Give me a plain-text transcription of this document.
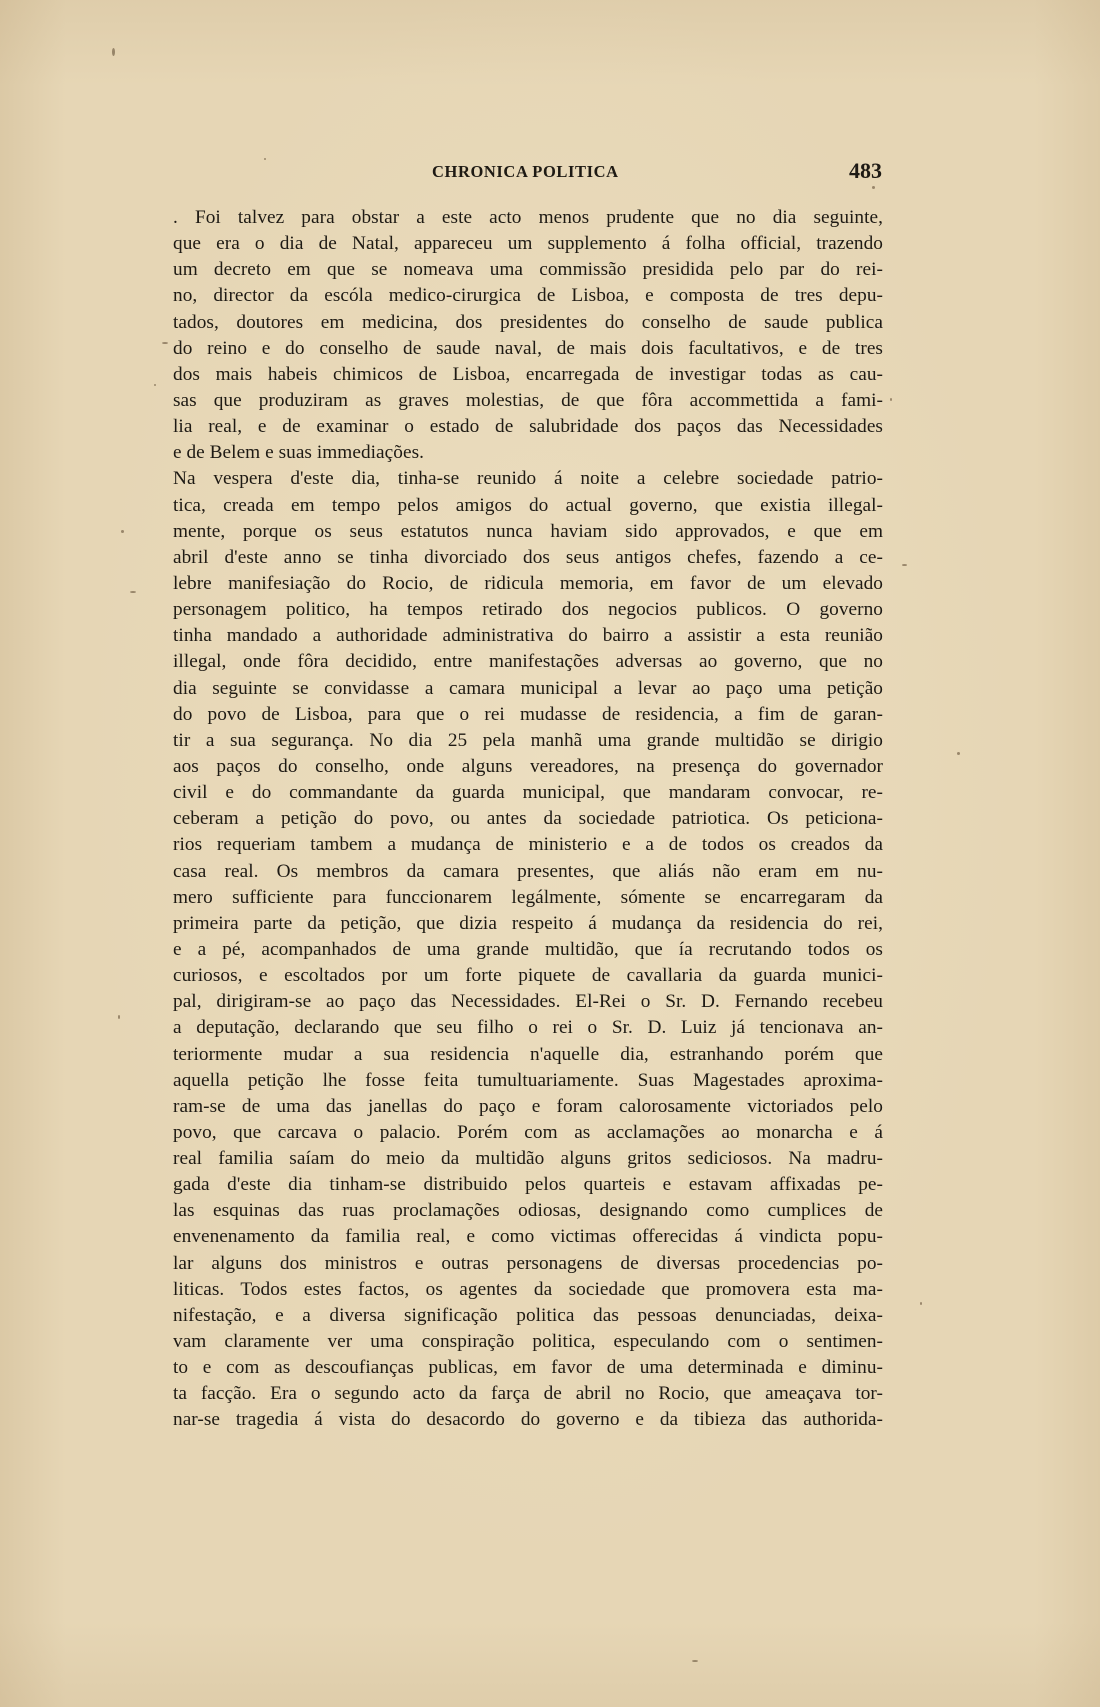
CHRONICA POLITICA	483
. Foi talvez para obstar a este acto menos prudente que no dia seguinte,
que era o dia de Natal, appareceu um supplemento á folha official, trazendo
um decreto em que se nomeava uma commissão presidida pelo par do rei-
no, director da escóla medico-cirurgica de Lisboa, e composta de tres depu-
tados, doutores em medicina, dos presidentes do conselho de saude publica
do reino e do conselho de saude naval, de mais dois facultativos, e de tres
dos mais habeis chimicos de Lisboa, encarregada de investigar todas as cau-
sas que produziram as graves molestias, de que fôra accommettida a fami-
lia real, e de examinar o estado de salubridade dos paços das Necessidades
e de Belem e suas immediações.
Na vespera d'este dia, tinha-se reunido á noite a celebre sociedade patrio-
tica, creada em tempo pelos amigos do actual governo, que existia illegal-
mente, porque os seus estatutos nunca haviam sido approvados, e que em
abril d'este anno se tinha divorciado dos seus antigos chefes, fazendo a ce-
lebre manifesiação do Rocio, de ridicula memoria, em favor de um elevado
personagem politico, ha tempos retirado dos negocios publicos. O governo
tinha mandado a authoridade administrativa do bairro a assistir a esta reunião
illegal, onde fôra decidido, entre manifestações adversas ao governo, que no
dia seguinte se convidasse a camara municipal a levar ao paço uma petição
do povo de Lisboa, para que o rei mudasse de residencia, a fim de garan-
tir a sua segurança. No dia 25 pela manhã uma grande multidão se dirigio
aos paços do conselho, onde alguns vereadores, na presença do governador
civil e do commandante da guarda municipal, que mandaram convocar, re-
ceberam a petição do povo, ou antes da sociedade patriotica. Os peticiona-
rios requeriam tambem a mudança de ministerio e a de todos os creados da
casa real. Os membros da camara presentes, que aliás não eram em nu-
mero sufficiente para funccionarem legálmente, sómente se encarregaram da
primeira parte da petição, que dizia respeito á mudança da residencia do rei,
e a pé, acompanhados de uma grande multidão, que ía recrutando todos os
curiosos, e escoltados por um forte piquete de cavallaria da guarda munici-
pal, dirigiram-se ao paço das Necessidades. El-Rei o Sr. D. Fernando recebeu
a deputação, declarando que seu filho o rei o Sr. D. Luiz já tencionava an-
teriormente mudar a sua residencia n'aquelle dia, estranhando porém que
aquella petição lhe fosse feita tumultuariamente. Suas Magestades aproxima-
ram-se de uma das janellas do paço e foram calorosamente victoriados pelo
povo, que carcava o palacio. Porém com as acclamações ao monarcha e á
real familia saíam do meio da multidão alguns gritos sediciosos. Na madru-
gada d'este dia tinham-se distribuido pelos quarteis e estavam affixadas pe-
las esquinas das ruas proclamações odiosas, designando como cumplices de
envenenamento da familia real, e como victimas offerecidas á vindicta popu-
lar alguns dos ministros e outras personagens de diversas procedencias po-
liticas. Todos estes factos, os agentes da sociedade que promovera esta ma-
nifestação, e a diversa significação politica das pessoas denunciadas, deixa-
vam claramente ver uma conspiração politica, especulando com o sentimen-
to e com as descoufianças publicas, em favor de uma determinada e diminu-
ta facção. Era o segundo acto da farça de abril no Rocio, que ameaçava tor-
nar-se tragedia á vista do desacordo do governo e da tibieza das authorida-
